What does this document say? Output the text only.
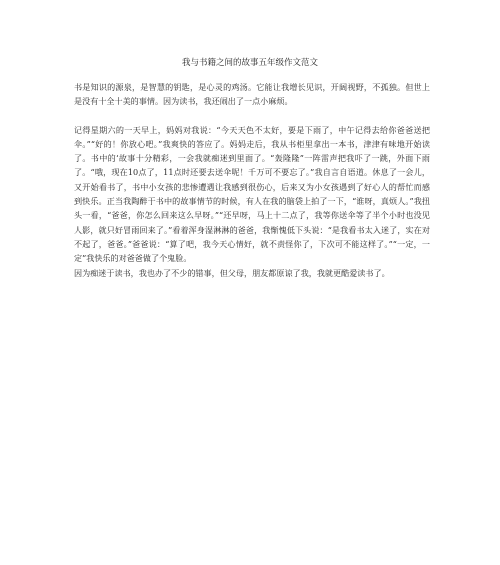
我与书籍之间的故事五年级作文范文

书是知识的源泉，是智慧的钥匙，是心灵的鸡汤。它能让我增长见识，开阔视野，不孤独。但世上是没有十全十美的事情。因为读书，我还闹出了一点小麻烦。

记得星期六的一天早上，妈妈对我说：“今天天色不太好，要是下雨了，中午记得去给你爸爸送把伞。”“好的！你放心吧。”我爽快的答应了。妈妈走后，我从书柜里拿出一本书，津津有味地开始读了。书中的‘故事十分精彩，一会我就痴迷到里面了。“轰隆隆”一阵雷声把我吓了一跳，外面下雨了。“哦，现在10点了，11点时还要去送伞呢！千万可不要忘了。”我自言自语道。休息了一会儿，又开始看书了，书中小女孩的悲惨遭遇让我感到很伤心，后来又为小女孩遇到了好心人的帮忙而感到快乐。正当我陶醉于书中的故事情节的时候，有人在我的脑袋上拍了一下，“谁呀，真烦人。”我扭头一看，“爸爸，你怎么回来这么早呀。”“还早呀，马上十二点了，我等你送伞等了半个小时也没见人影，就只好冒雨回来了。”看着浑身湿淋淋的爸爸，我惭愧低下头说：“是我看书太入迷了，实在对不起了，爸爸。”爸爸说：“算了吧，我今天心情好，就不责怪你了，下次可不能这样了。”“一定，一定”我快乐的对爸爸做了个鬼脸。

因为痴迷于读书，我也办了不少的错事，但父母，朋友都原谅了我，我就更酷爱读书了。
